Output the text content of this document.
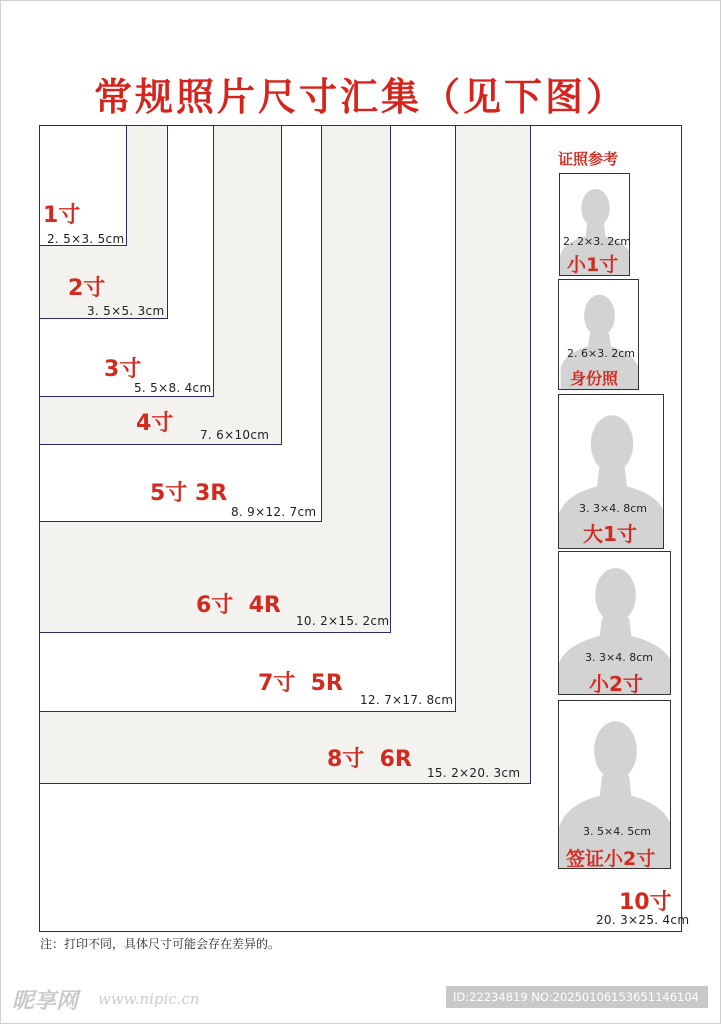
常规照片尺寸汇集（见下图）
1寸
2. 5×3. 5cm
2寸
3. 5×5. 3cm
3寸
5. 5×8. 4cm
4寸 7. 6×10cm
5寸 3R
8. 9×12. 7cm
6寸  4R
10. 2×15. 2cm
7寸  5R
12. 7×17. 8cm
8寸  6R
15. 2×20. 3cm
10寸
20. 3×25. 4cm
证照参考
2. 2×3. 2cm
小1寸
2. 6×3. 2cm
身份照
3. 3×4. 8cm
大1寸
3. 3×4. 8cm
小2寸
3. 5×4. 5cm
签证小2寸
注：打印不同，具体尺寸可能会存在差异的。
昵享网 www.nipic.cn	ID:22234819 NO:20250106153651146104
